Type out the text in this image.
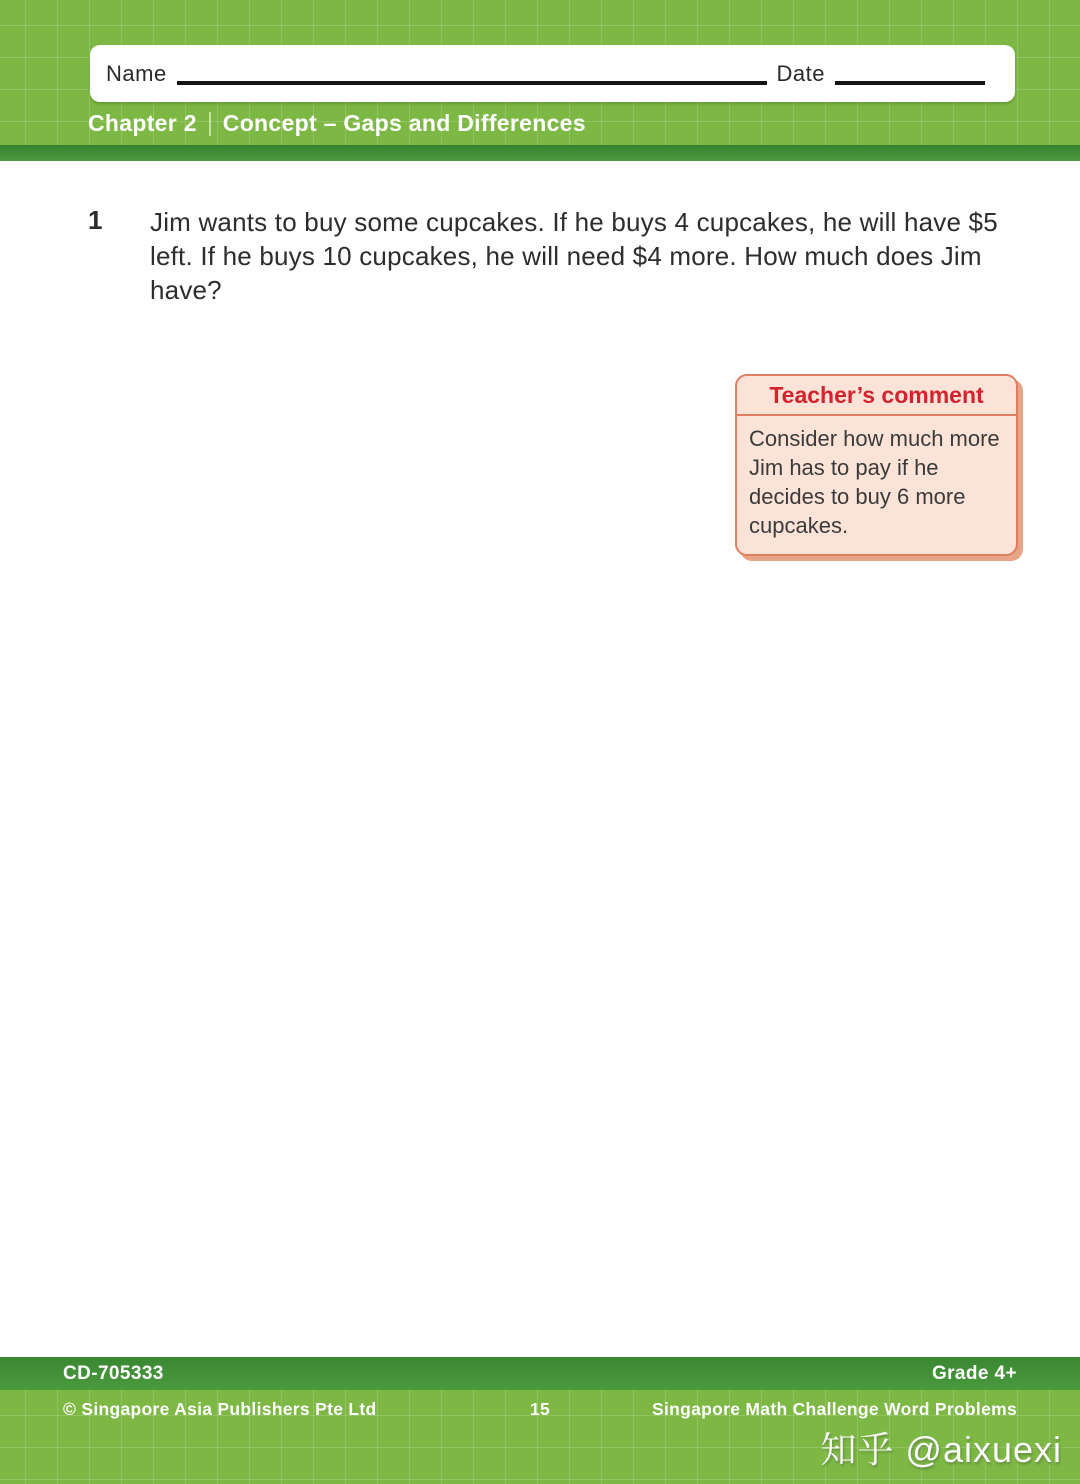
Name	Date
Chapter 2 Concept – Gaps and Differences
1	Jim wants to buy some cupcakes. If he buys 4 cupcakes, he will have $5 left. If he buys 10 cupcakes, he will need $4 more. How much does Jim have?
Teacher’s comment
Consider how much more Jim has to pay if he decides to buy 6 more cupcakes.
CD-705333	Grade 4+
© Singapore Asia Publishers Pte Ltd	15	Singapore Math Challenge Word Problems
知乎 @aixuexi
